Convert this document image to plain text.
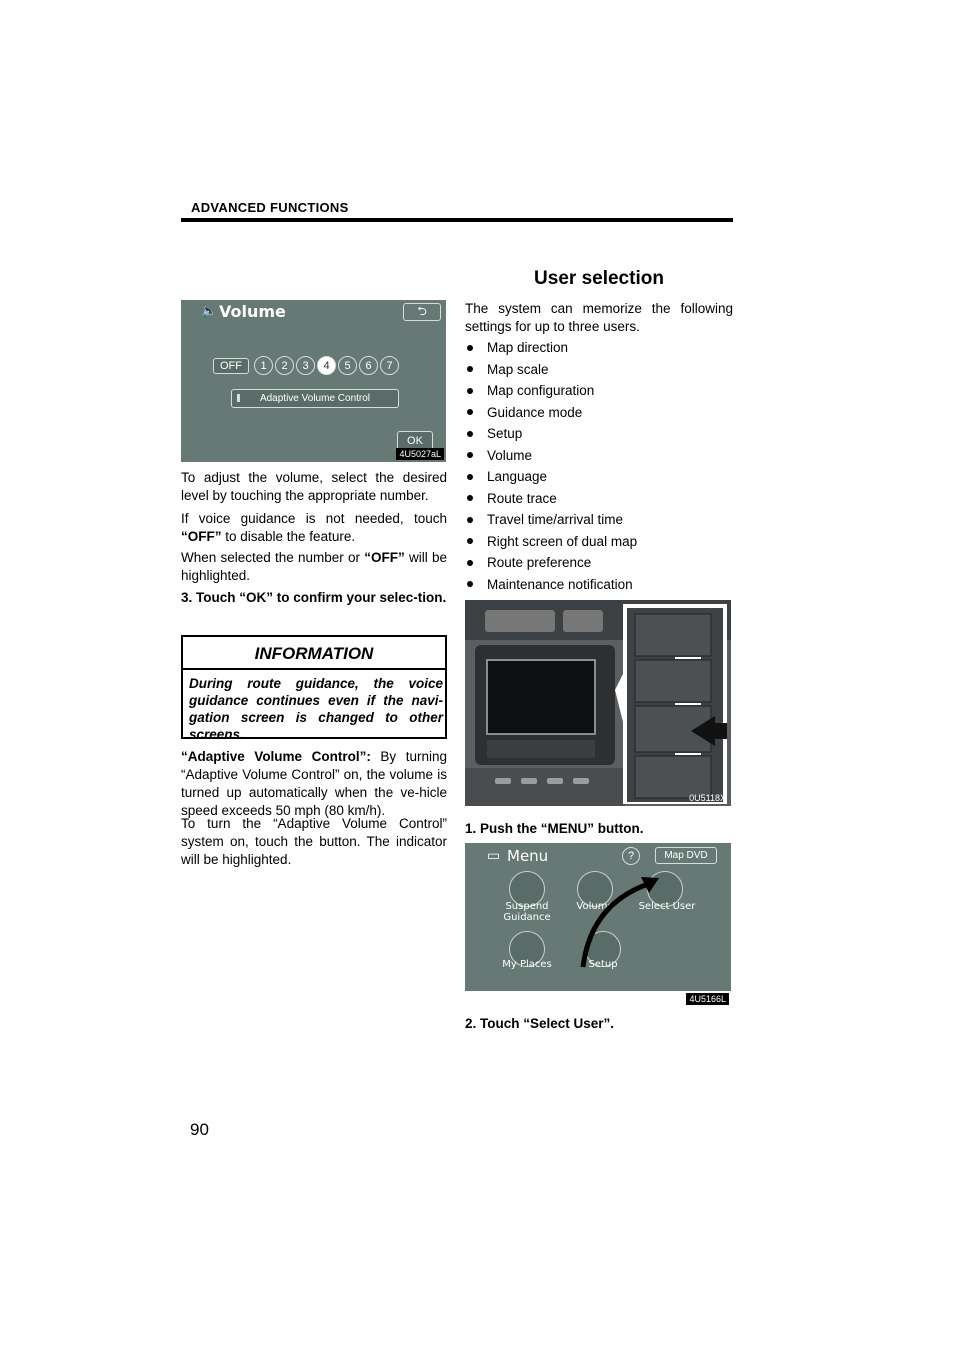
ADVANCED FUNCTIONS
🔈 Volume	⮌
OFF	1	2	3	4	5	6	7
Adaptive Volume Control
OK
4U5027aL
To adjust the volume, select the desired level by touching the appropriate number.
If voice guidance is not needed, touch “OFF” to disable the feature.
When selected the number or “OFF” will be highlighted.
3. Touch “OK” to confirm your selec-tion.
INFORMATION
During route guidance, the voice guidance continues even if the navi-gation screen is changed to other screens.
“Adaptive Volume Control”: By turning “Adaptive Volume Control” on, the volume is turned up automatically when the ve-hicle speed exceeds 50 mph (80 km/h).
To turn the “Adaptive Volume Control” system on, touch the button. The indicator will be highlighted.
User selection
The system can memorize the following settings for up to three users.
Map direction
Map scale
Map configuration
Guidance mode
Setup
Volume
Language
Route trace
Travel time/arrival time
Right screen of dual map
Route preference
Maintenance notification
0U5118X
1. Push the “MENU” button.
▭ Menu	?	Map DVD
Suspend
Guidance
Volume	Select User
My Places	Setup
4U5166L
2. Touch “Select User”.
90
